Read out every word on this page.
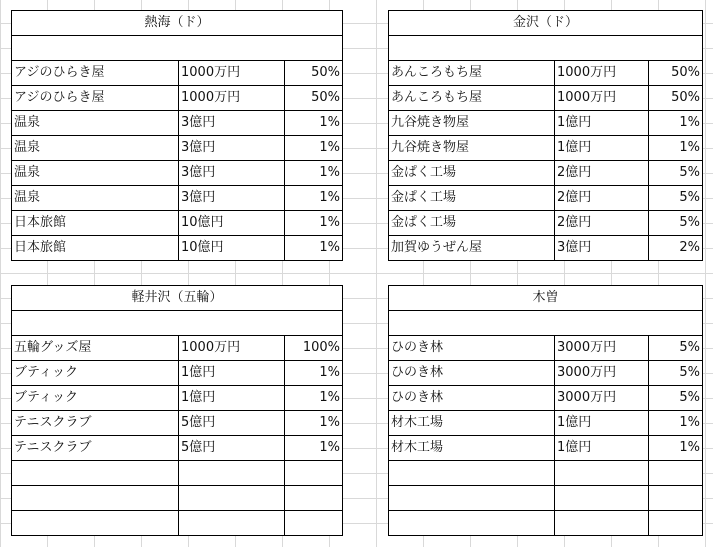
熱海（ド）		

アジのひらき屋	1000万円	50%
アジのひらき屋	1000万円	50%
温泉	3億円	1%
温泉	3億円	1%
温泉	3億円	1%
温泉	3億円	1%
日本旅館	10億円	1%
日本旅館	10億円	1%
金沢（ド）		

あんころもち屋	1000万円	50%
あんころもち屋	1000万円	50%
九谷焼き物屋	1億円	1%
九谷焼き物屋	1億円	1%
金ぱく工場	2億円	5%
金ぱく工場	2億円	5%
金ぱく工場	2億円	5%
加賀ゆうぜん屋	3億円	2%
軽井沢（五輪）		

五輪グッズ屋	1000万円	100%
ブティック	1億円	1%
ブティック	1億円	1%
テニスクラブ	5億円	1%
テニスクラブ	5億円	1%

木曽		

ひのき林	3000万円	5%
ひのき林	3000万円	5%
ひのき林	3000万円	5%
材木工場	1億円	1%
材木工場	1億円	1%
